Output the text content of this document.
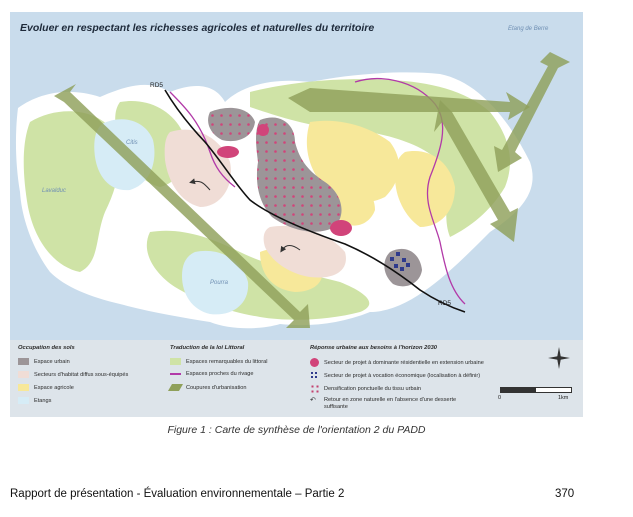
Evoluer en respectant les richesses agricoles et naturelles du territoire	Etang de Berre
Citis
Lavalduc
Pourra
RD5
RD5
Occupation des sols
Espace urbain
Secteurs d'habitat diffus sous-équipés
Espace agricole
Etangs
Traduction de la loi Littoral
Espaces remarquables du littoral
Espaces proches du rivage
Coupures d'urbanisation
Réponse urbaine aux besoins à l'horizon 2030
Secteur de projet à dominante résidentielle en extension urbaine
Secteur de projet à vocation économique (localisation à définir)
Densification ponctuelle du tissu urbain
↶	Retour en zone naturelle en l'absence d'une desserte suffisante
0	1km
Figure 1 : Carte de synthèse de l'orientation 2 du PADD
Rapport de présentation - Évaluation environnementale – Partie 2	370
